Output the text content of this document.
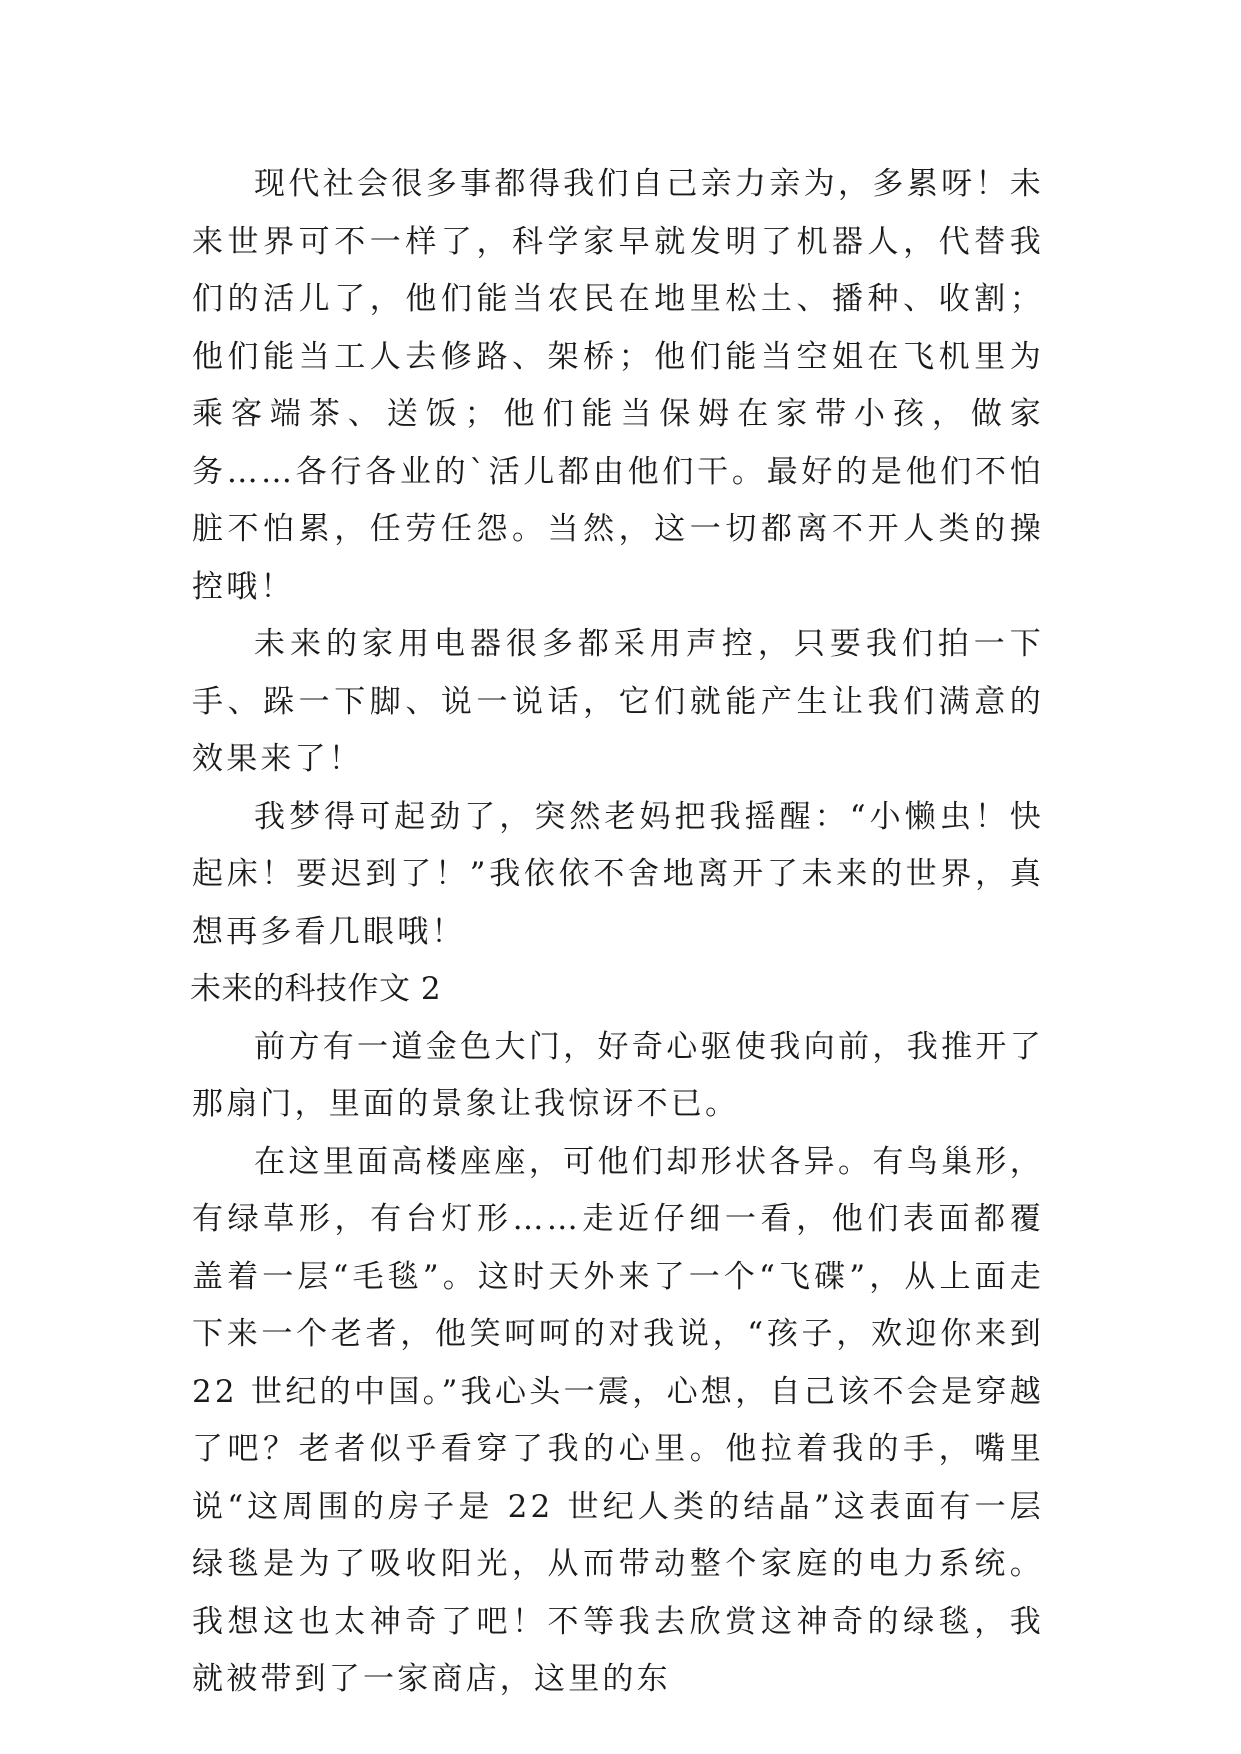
现代社会很多事都得我们自己亲力亲为，多累呀！未来世界可不一样了，科学家早就发明了机器人，代替我们的活儿了，他们能当农民在地里松土、播种、收割；他们能当工人去修路、架桥；他们能当空姐在飞机里为乘客端茶、送饭；他们能当保姆在家带小孩，做家务……各行各业的`活儿都由他们干。最好的是他们不怕脏不怕累，任劳任怨。当然，这一切都离不开人类的操控哦！

未来的家用电器很多都采用声控，只要我们拍一下手、跺一下脚、说一说话，它们就能产生让我们满意的效果来了！

我梦得可起劲了，突然老妈把我摇醒：“小懒虫！快起床！要迟到了！”我依依不舍地离开了未来的世界，真想再多看几眼哦！

未来的科技作文 2

前方有一道金色大门，好奇心驱使我向前，我推开了那扇门，里面的景象让我惊讶不已。

在这里面高楼座座，可他们却形状各异。有鸟巢形，有绿草形，有台灯形……走近仔细一看，他们表面都覆盖着一层“毛毯”。这时天外来了一个“飞碟”，从上面走下来一个老者，他笑呵呵的对我说，“孩子，欢迎你来到 22 世纪的中国。”我心头一震，心想，自己该不会是穿越了吧？老者似乎看穿了我的心里。他拉着我的手，嘴里说“这周围的房子是 22 世纪人类的结晶”这表面有一层绿毯是为了吸收阳光，从而带动整个家庭的电力系统。我想这也太神奇了吧！不等我去欣赏这神奇的绿毯，我就被带到了一家商店，这里的东
